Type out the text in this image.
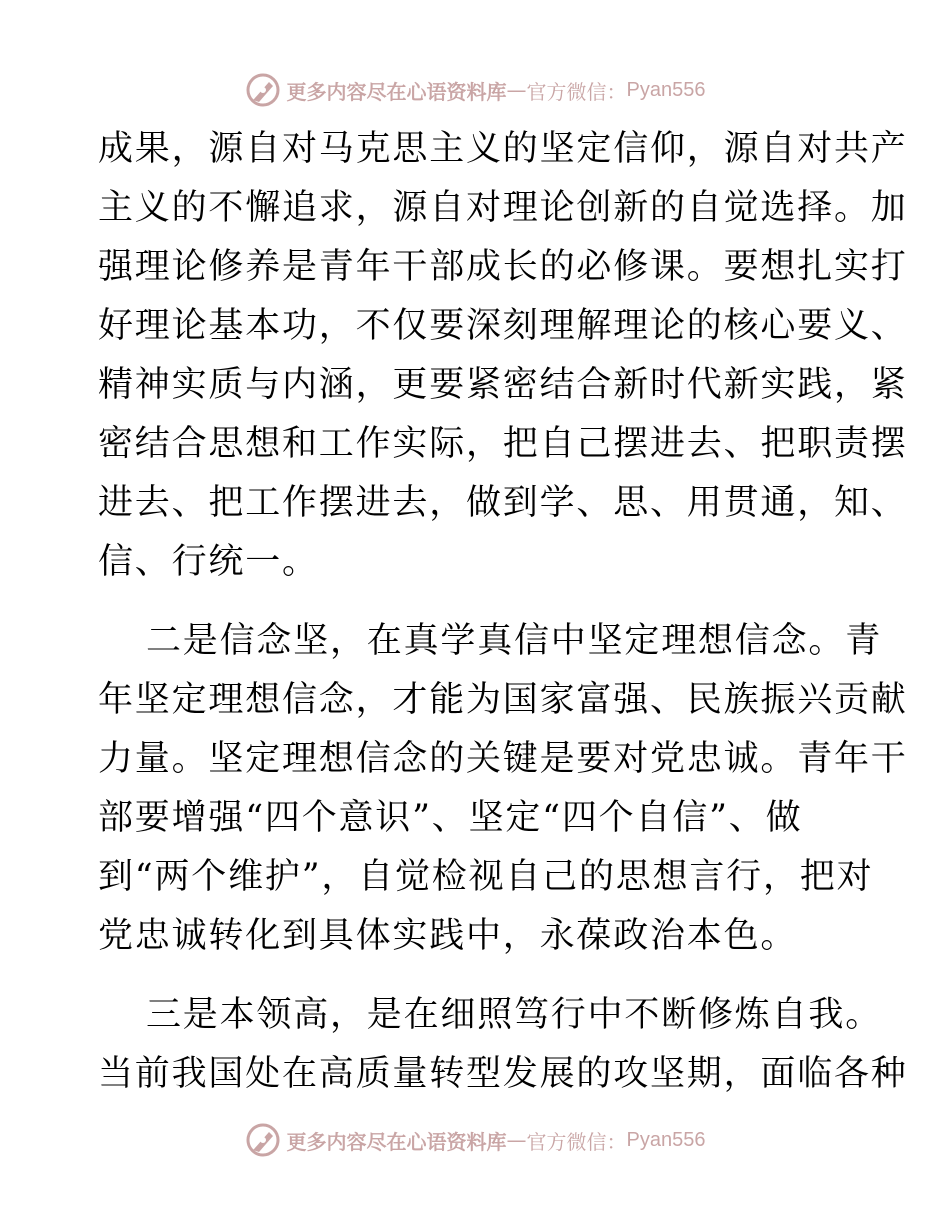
更多内容尽在心语资料库 — 官方微信： Pyan556
成果，源自对马克思主义的坚定信仰，源自对共产
主义的不懈追求，源自对理论创新的自觉选择。加
强理论修养是青年干部成长的必修课。要想扎实打
好理论基本功，不仅要深刻理解理论的核心要义、
精神实质与内涵，更要紧密结合新时代新实践，紧
密结合思想和工作实际，把自己摆进去、把职责摆
进去、把工作摆进去，做到学、思、用贯通，知、
信、行统一。
二是信念坚，在真学真信中坚定理想信念。青
年坚定理想信念，才能为国家富强、民族振兴贡献
力量。坚定理想信念的关键是要对党忠诚。青年干
部要增强“四个意识”、坚定“四个自信”、做
到“两个维护”，自觉检视自己的思想言行，把对
党忠诚转化到具体实践中，永葆政治本色。
三是本领高，是在细照笃行中不断修炼自我。
当前我国处在高质量转型发展的攻坚期，面临各种
更多内容尽在心语资料库 — 官方微信： Pyan556
